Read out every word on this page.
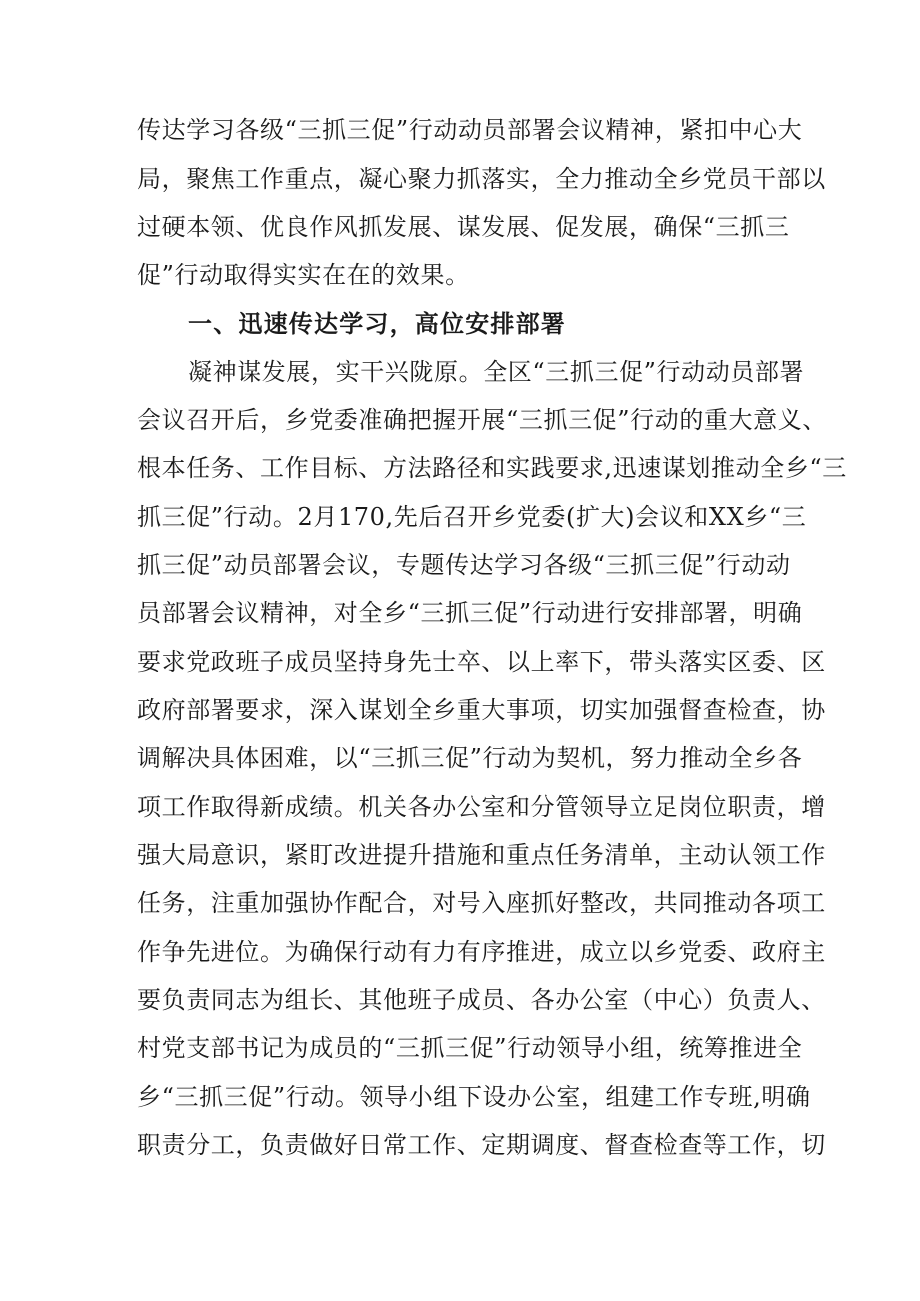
传达学习各级“三抓三促”行动动员部署会议精神，紧扣中心大
局，聚焦工作重点，凝心聚力抓落实，全力推动全乡党员干部以
过硬本领、优良作风抓发展、谋发展、促发展，确保“三抓三
促”行动取得实实在在的效果。
一、迅速传达学习，高位安排部署
凝神谋发展，实干兴陇原。全区“三抓三促”行动动员部署
会议召开后，乡党委准确把握开展“三抓三促”行动的重大意义、
根本任务、工作目标、方法路径和实践要求,迅速谋划推动全乡“三
抓三促”行动。2月170,先后召开乡党委(扩大)会议和XX乡“三
抓三促”动员部署会议，专题传达学习各级“三抓三促”行动动
员部署会议精神，对全乡“三抓三促”行动进行安排部署，明确
要求党政班子成员坚持身先士卒、以上率下，带头落实区委、区
政府部署要求，深入谋划全乡重大事项，切实加强督查检查，协
调解决具体困难，以“三抓三促”行动为契机，努力推动全乡各
项工作取得新成绩。机关各办公室和分管领导立足岗位职责，增
强大局意识，紧盯改进提升措施和重点任务清单，主动认领工作
任务，注重加强协作配合，对号入座抓好整改，共同推动各项工
作争先进位。为确保行动有力有序推进，成立以乡党委、政府主
要负责同志为组长、其他班子成员、各办公室（中心）负责人、
村党支部书记为成员的“三抓三促”行动领导小组，统筹推进全
乡“三抓三促”行动。领导小组下设办公室，组建工作专班,明确
职责分工，负责做好日常工作、定期调度、督查检查等工作，切
